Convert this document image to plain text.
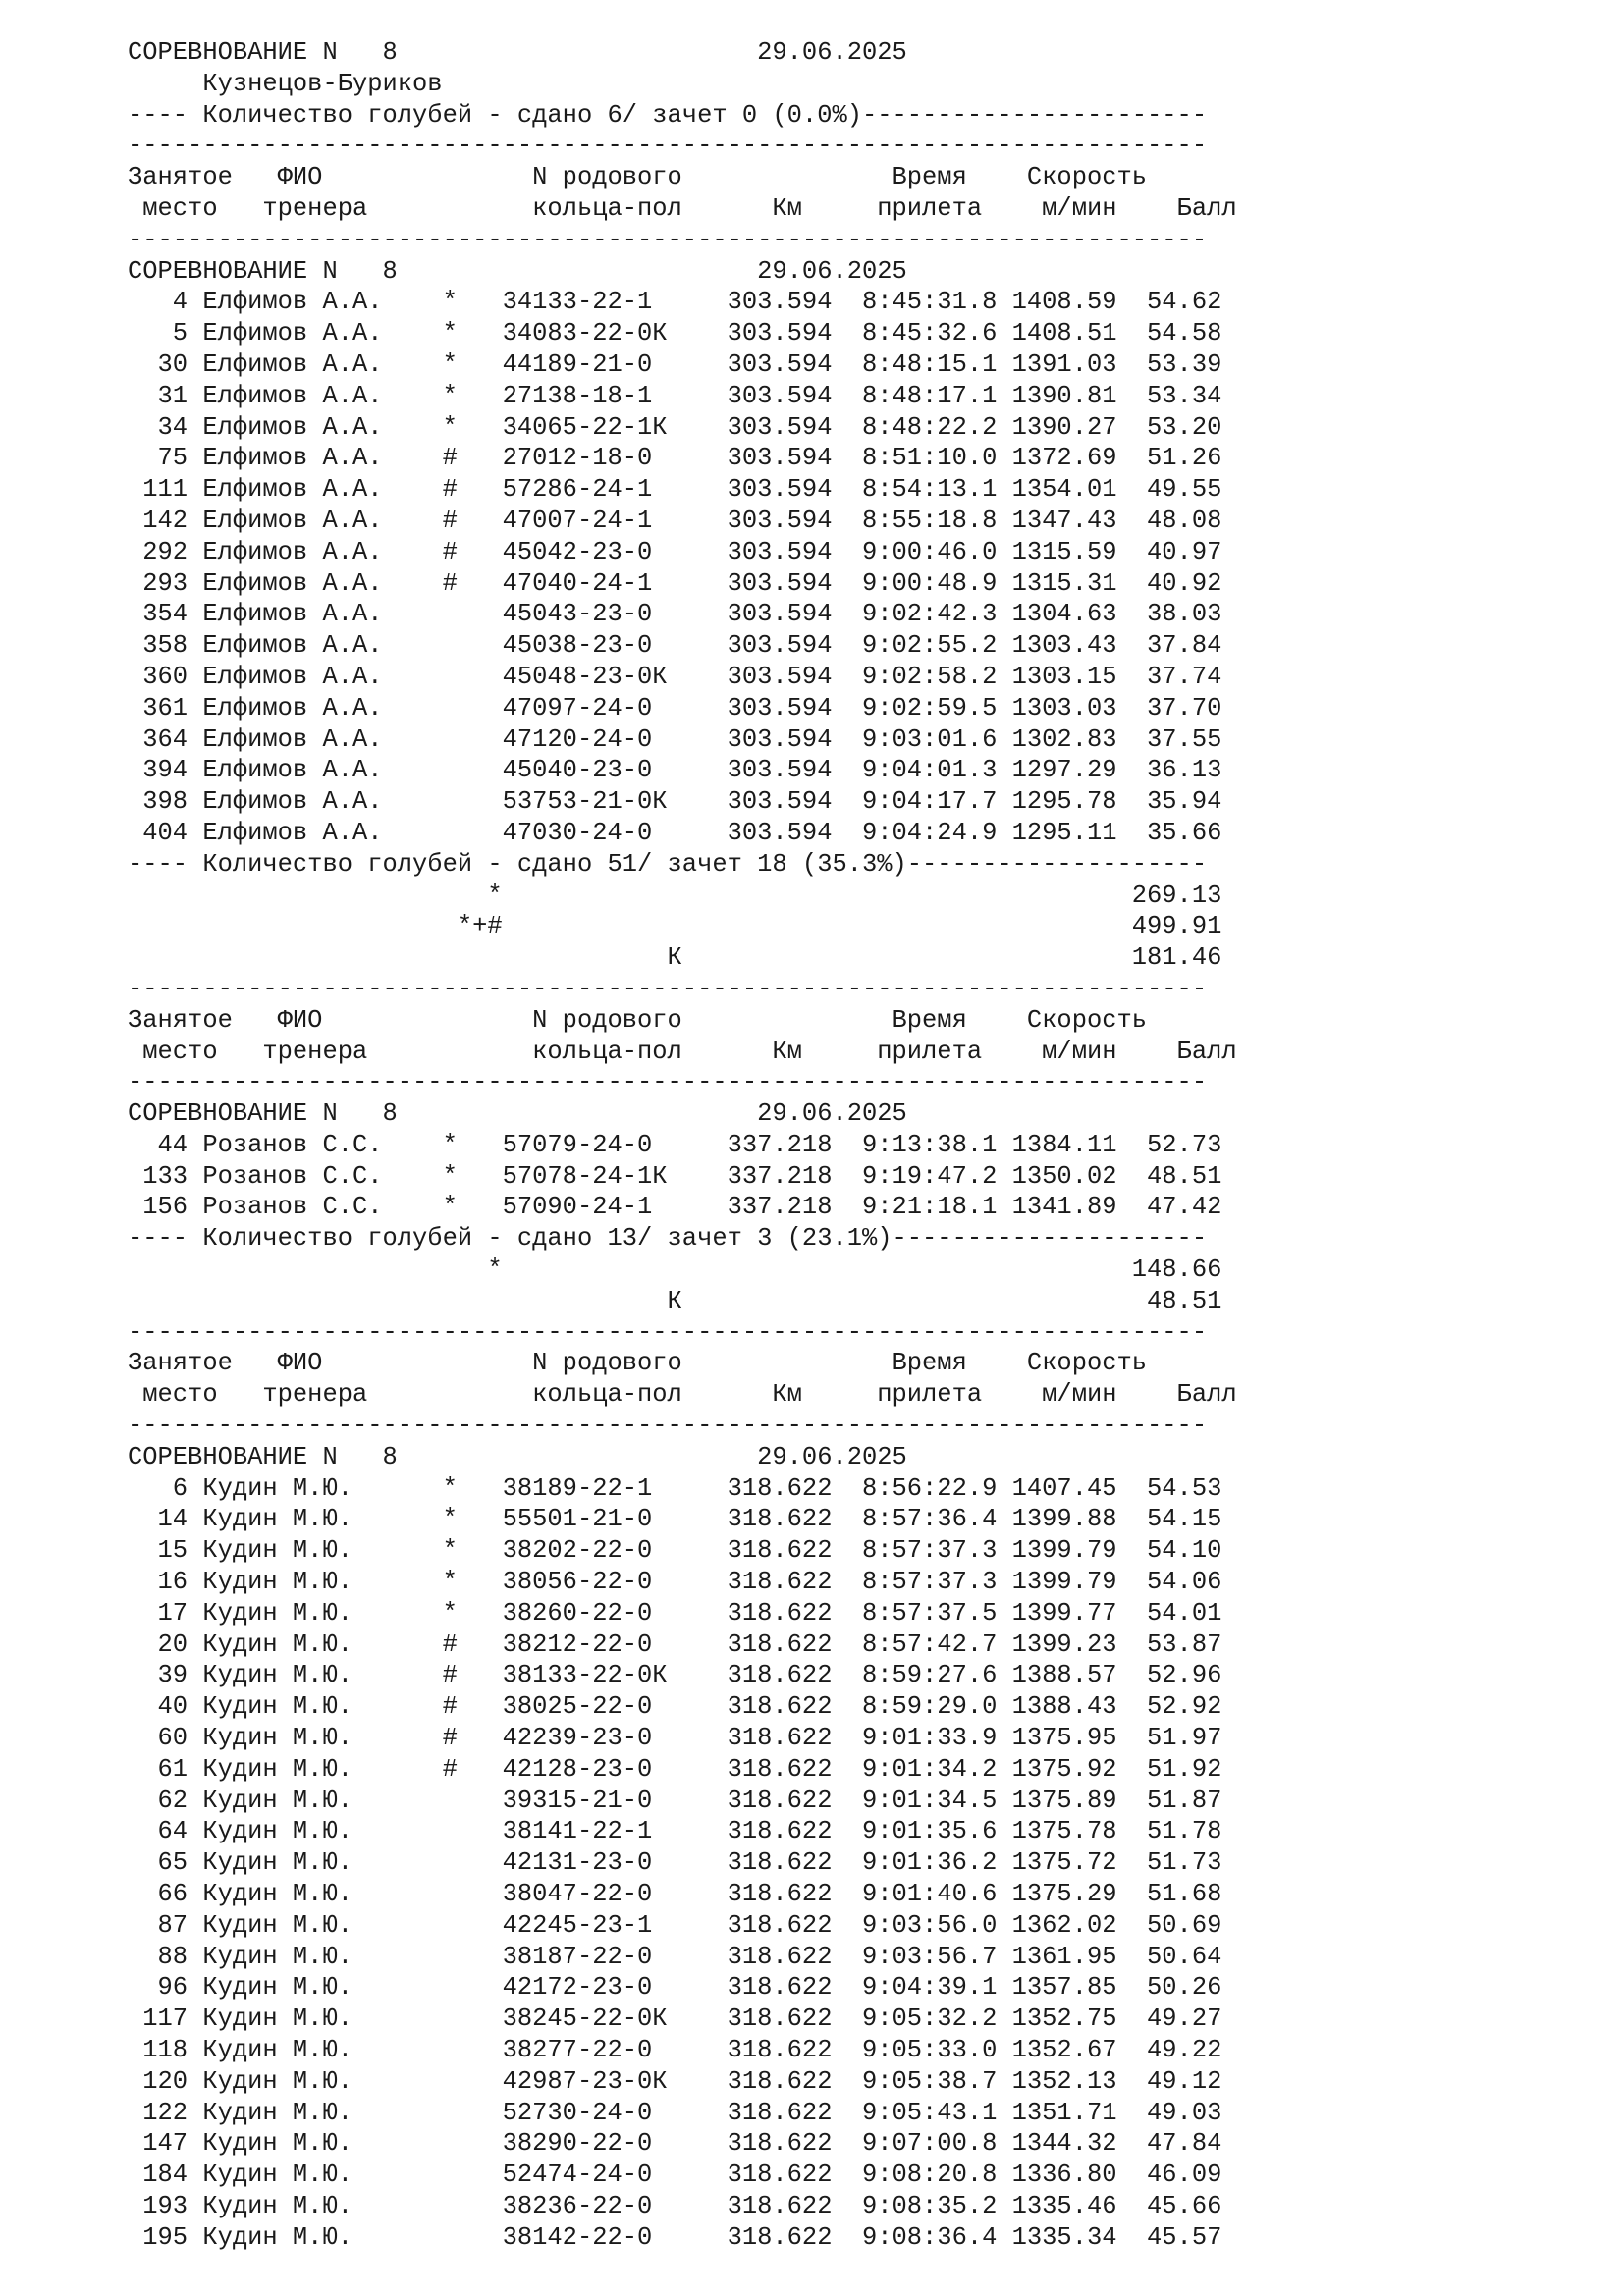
СОРЕВНОВАНИЕ N   8                        29.06.2025
Кузнецов-Буриков
---- Количество голубей - сдано 6/ зачет 0 (0.0%)-----------------------
------------------------------------------------------------------------
Занятое   ФИО              N родового              Время    Скорость
место   тренера           кольца-пол      Км     прилета    м/мин    Балл
------------------------------------------------------------------------
СОРЕВНОВАНИЕ N   8                        29.06.2025
4 Елфимов А.А.    *   34133-22-1     303.594  8:45:31.8 1408.59  54.62
5 Елфимов А.А.    *   34083-22-0К    303.594  8:45:32.6 1408.51  54.58
30 Елфимов А.А.    *   44189-21-0     303.594  8:48:15.1 1391.03  53.39
31 Елфимов А.А.    *   27138-18-1     303.594  8:48:17.1 1390.81  53.34
34 Елфимов А.А.    *   34065-22-1К    303.594  8:48:22.2 1390.27  53.20
75 Елфимов А.А.    #   27012-18-0     303.594  8:51:10.0 1372.69  51.26
111 Елфимов А.А.    #   57286-24-1     303.594  8:54:13.1 1354.01  49.55
142 Елфимов А.А.    #   47007-24-1     303.594  8:55:18.8 1347.43  48.08
292 Елфимов А.А.    #   45042-23-0     303.594  9:00:46.0 1315.59  40.97
293 Елфимов А.А.    #   47040-24-1     303.594  9:00:48.9 1315.31  40.92
354 Елфимов А.А.        45043-23-0     303.594  9:02:42.3 1304.63  38.03
358 Елфимов А.А.        45038-23-0     303.594  9:02:55.2 1303.43  37.84
360 Елфимов А.А.        45048-23-0К    303.594  9:02:58.2 1303.15  37.74
361 Елфимов А.А.        47097-24-0     303.594  9:02:59.5 1303.03  37.70
364 Елфимов А.А.        47120-24-0     303.594  9:03:01.6 1302.83  37.55
394 Елфимов А.А.        45040-23-0     303.594  9:04:01.3 1297.29  36.13
398 Елфимов А.А.        53753-21-0К    303.594  9:04:17.7 1295.78  35.94
404 Елфимов А.А.        47030-24-0     303.594  9:04:24.9 1295.11  35.66
---- Количество голубей - сдано 51/ зачет 18 (35.3%)--------------------
*                                          269.13
*+#                                          499.91
К                              181.46
------------------------------------------------------------------------
Занятое   ФИО              N родового              Время    Скорость
место   тренера           кольца-пол      Км     прилета    м/мин    Балл
------------------------------------------------------------------------
СОРЕВНОВАНИЕ N   8                        29.06.2025
44 Розанов С.С.    *   57079-24-0     337.218  9:13:38.1 1384.11  52.73
133 Розанов С.С.    *   57078-24-1К    337.218  9:19:47.2 1350.02  48.51
156 Розанов С.С.    *   57090-24-1     337.218  9:21:18.1 1341.89  47.42
---- Количество голубей - сдано 13/ зачет 3 (23.1%)---------------------
*                                          148.66
К                               48.51
------------------------------------------------------------------------
Занятое   ФИО              N родового              Время    Скорость
место   тренера           кольца-пол      Км     прилета    м/мин    Балл
------------------------------------------------------------------------
СОРЕВНОВАНИЕ N   8                        29.06.2025
6 Кудин М.Ю.      *   38189-22-1     318.622  8:56:22.9 1407.45  54.53
14 Кудин М.Ю.      *   55501-21-0     318.622  8:57:36.4 1399.88  54.15
15 Кудин М.Ю.      *   38202-22-0     318.622  8:57:37.3 1399.79  54.10
16 Кудин М.Ю.      *   38056-22-0     318.622  8:57:37.3 1399.79  54.06
17 Кудин М.Ю.      *   38260-22-0     318.622  8:57:37.5 1399.77  54.01
20 Кудин М.Ю.      #   38212-22-0     318.622  8:57:42.7 1399.23  53.87
39 Кудин М.Ю.      #   38133-22-0К    318.622  8:59:27.6 1388.57  52.96
40 Кудин М.Ю.      #   38025-22-0     318.622  8:59:29.0 1388.43  52.92
60 Кудин М.Ю.      #   42239-23-0     318.622  9:01:33.9 1375.95  51.97
61 Кудин М.Ю.      #   42128-23-0     318.622  9:01:34.2 1375.92  51.92
62 Кудин М.Ю.          39315-21-0     318.622  9:01:34.5 1375.89  51.87
64 Кудин М.Ю.          38141-22-1     318.622  9:01:35.6 1375.78  51.78
65 Кудин М.Ю.          42131-23-0     318.622  9:01:36.2 1375.72  51.73
66 Кудин М.Ю.          38047-22-0     318.622  9:01:40.6 1375.29  51.68
87 Кудин М.Ю.          42245-23-1     318.622  9:03:56.0 1362.02  50.69
88 Кудин М.Ю.          38187-22-0     318.622  9:03:56.7 1361.95  50.64
96 Кудин М.Ю.          42172-23-0     318.622  9:04:39.1 1357.85  50.26
117 Кудин М.Ю.          38245-22-0К    318.622  9:05:32.2 1352.75  49.27
118 Кудин М.Ю.          38277-22-0     318.622  9:05:33.0 1352.67  49.22
120 Кудин М.Ю.          42987-23-0К    318.622  9:05:38.7 1352.13  49.12
122 Кудин М.Ю.          52730-24-0     318.622  9:05:43.1 1351.71  49.03
147 Кудин М.Ю.          38290-22-0     318.622  9:07:00.8 1344.32  47.84
184 Кудин М.Ю.          52474-24-0     318.622  9:08:20.8 1336.80  46.09
193 Кудин М.Ю.          38236-22-0     318.622  9:08:35.2 1335.46  45.66
195 Кудин М.Ю.          38142-22-0     318.622  9:08:36.4 1335.34  45.57
